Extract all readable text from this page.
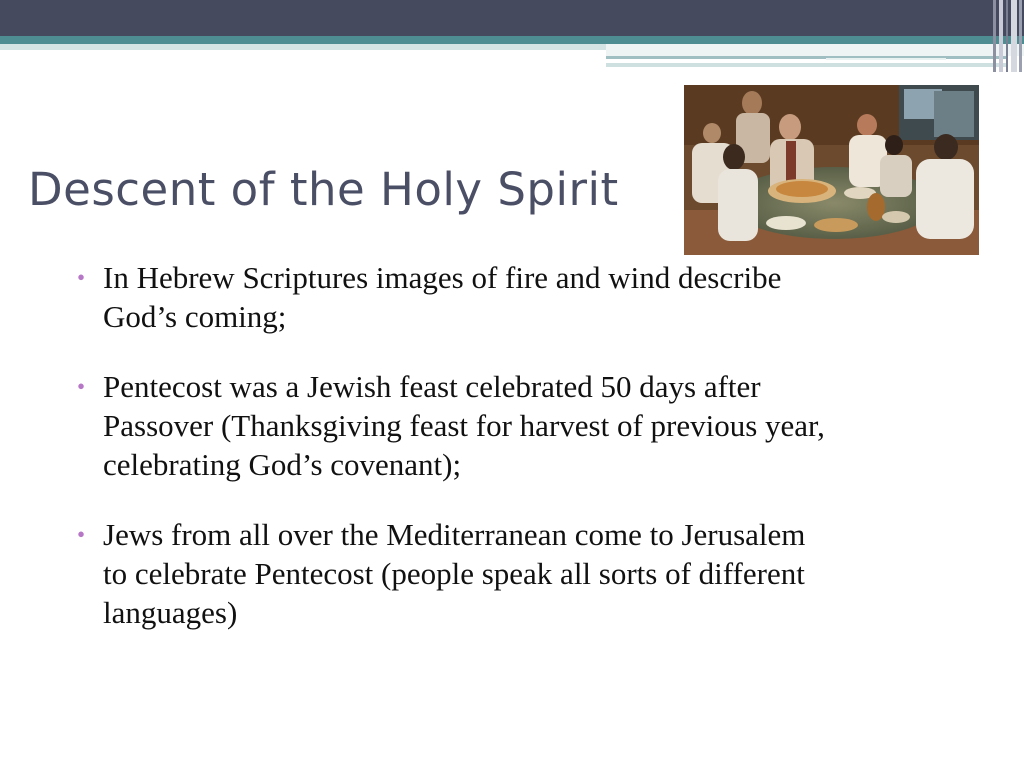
Descent of the Holy Spirit
• In Hebrew Scriptures images of fire and wind describe God’s coming;
• Pentecost was a Jewish feast celebrated 50 days after Passover (Thanksgiving feast for harvest of previous year, celebrating God’s covenant);
• Jews from all over the Mediterranean come to Jerusalem to celebrate Pentecost (people speak all sorts of different languages)
